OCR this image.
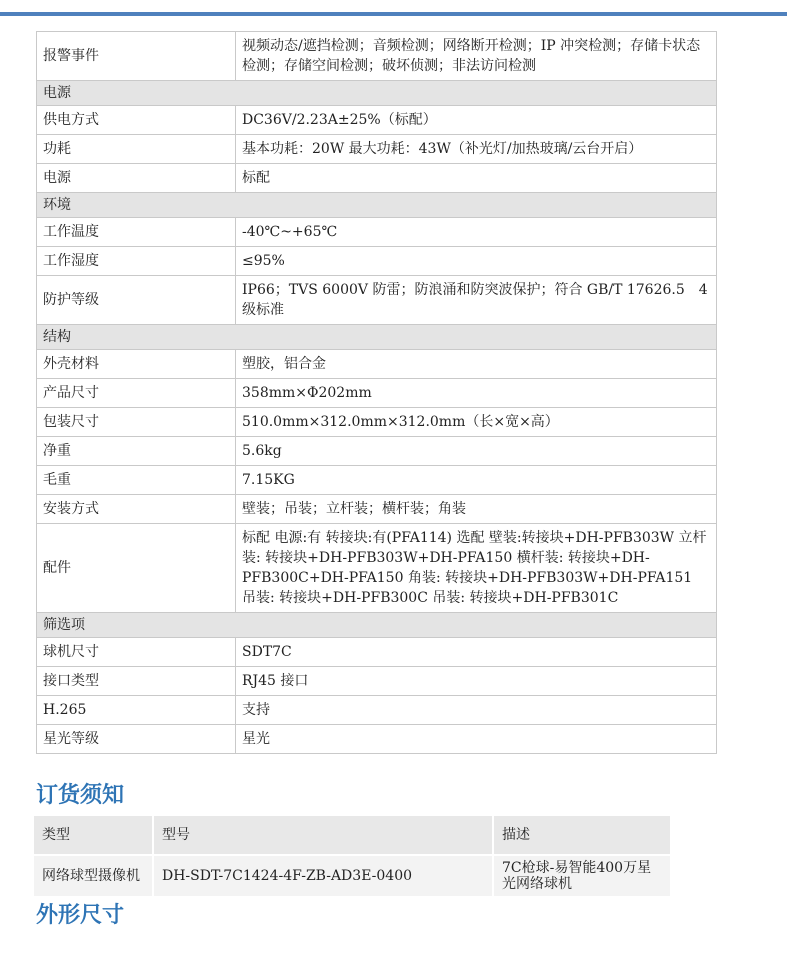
报警事件	视频动态/遮挡检测；音频检测；网络断开检测；IP 冲突检测；存储卡状态检测；存储空间检测；破坏侦测；非法访问检测
电源	
供电方式	DC36V/2.23A±25%（标配）
功耗	基本功耗：20W 最大功耗：43W（补光灯/加热玻璃/云台开启）
电源	标配
环境	
工作温度	-40℃~+65℃
工作湿度	≤95%
防护等级	IP66；TVS 6000V 防雷；防浪涌和防突波保护；符合 GB/T 17626.5　4 级标准
结构	
外壳材料	塑胶，铝合金
产品尺寸	358mm×Φ202mm
包装尺寸	510.0mm×312.0mm×312.0mm（长×宽×高）
净重	5.6kg
毛重	7.15KG
安装方式	壁装；吊装；立杆装；横杆装；角装
配件	标配 电源:有 转接块:有(PFA114) 选配 壁装:转接块+DH-PFB303W 立杆装: 转接块+DH-PFB303W+DH-PFA150 横杆装: 转接块+DH-PFB300C+DH-PFA150 角装: 转接块+DH-PFB303W+DH-PFA151 吊装: 转接块+DH-PFB300C 吊装: 转接块+DH-PFB301C
筛选项	
球机尺寸	SDT7C
接口类型	RJ45 接口
H.265	支持
星光等级	星光
订货须知
类型	型号	描述
网络球型摄像机	DH-SDT-7C1424-4F-ZB-AD3E-0400	7C枪球-易智能400万星光网络球机
外形尺寸
